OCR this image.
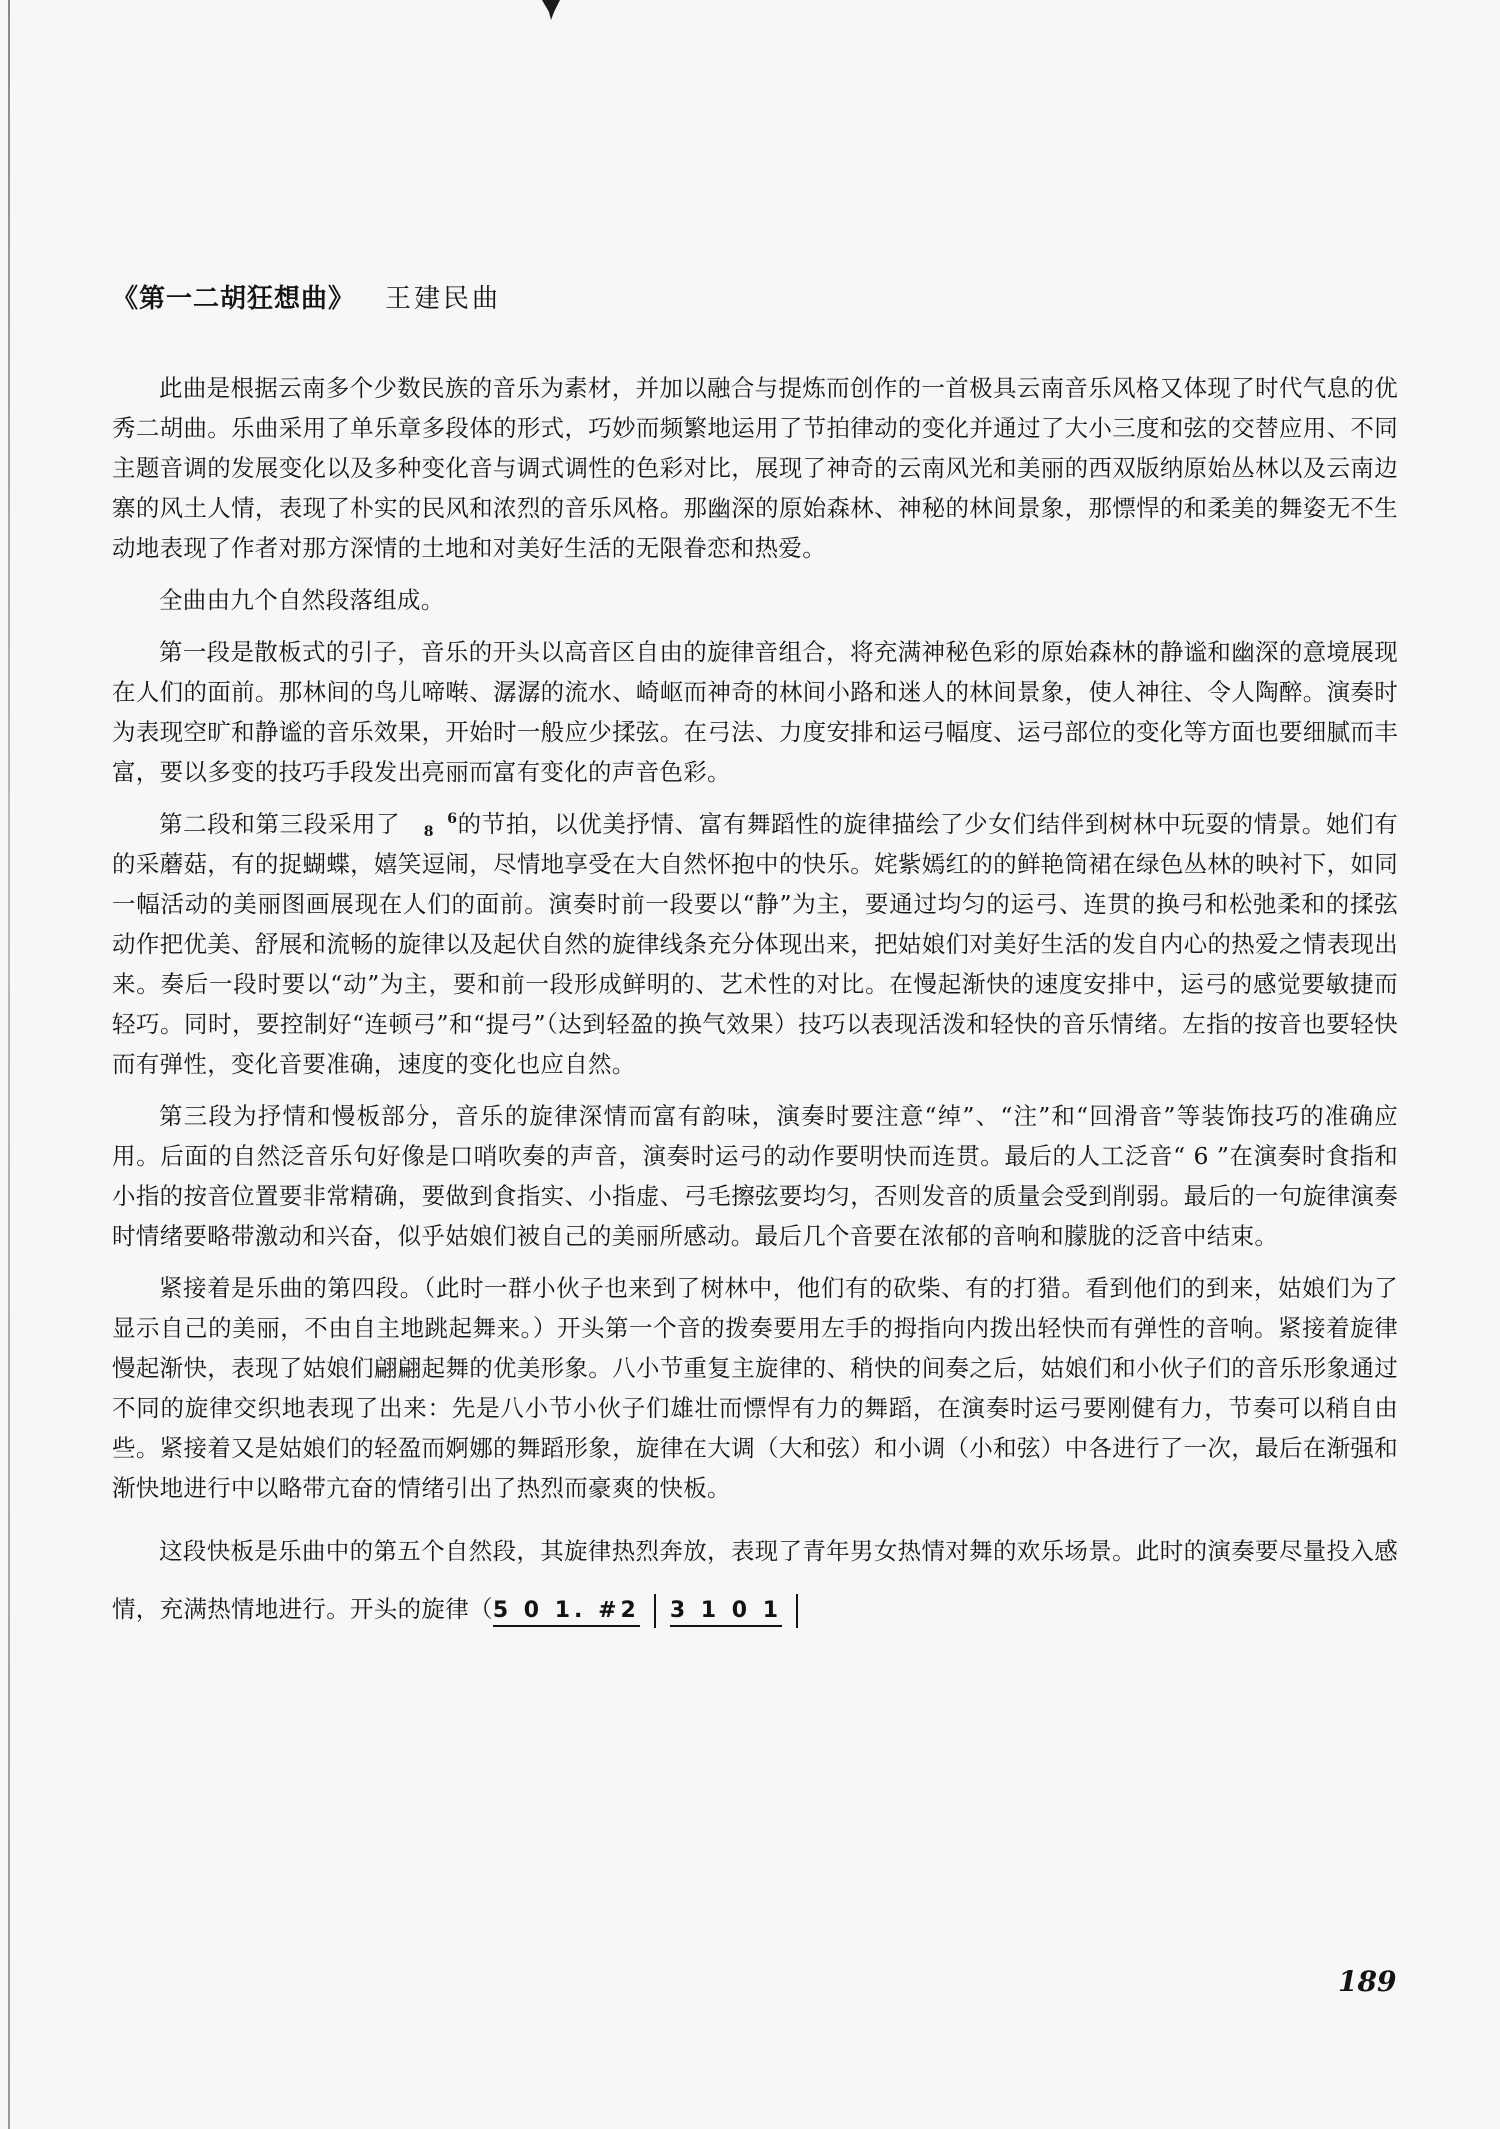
《第一二胡狂想曲》 王建民曲

此曲是根据云南多个少数民族的音乐为素材，并加以融合与提炼而创作的一首极具云南音乐风格又体现了时代气息的优秀二胡曲。乐曲采用了单乐章多段体的形式，巧妙而频繁地运用了节拍律动的变化并通过了大小三度和弦的交替应用、不同主题音调的发展变化以及多种变化音与调式调性的色彩对比，展现了神奇的云南风光和美丽的西双版纳原始丛林以及云南边寨的风土人情，表现了朴实的民风和浓烈的音乐风格。那幽深的原始森林、神秘的林间景象，那慓悍的和柔美的舞姿无不生动地表现了作者对那方深情的土地和对美好生活的无限眷恋和热爱。

全曲由九个自然段落组成。

第一段是散板式的引子，音乐的开头以高音区自由的旋律音组合，将充满神秘色彩的原始森林的静谧和幽深的意境展现在人们的面前。那林间的鸟儿啼啭、潺潺的流水、崎岖而神奇的林间小路和迷人的林间景象，使人神往、令人陶醉。演奏时为表现空旷和静谧的音乐效果，开始时一般应少揉弦。在弓法、力度安排和运弓幅度、运弓部位的变化等方面也要细腻而丰富，要以多变的技巧手段发出亮丽而富有变化的声音色彩。

第二段和第三段采用了	6
8 的节拍，以优美抒情、富有舞蹈性的旋律描绘了少女们结伴到树林中玩耍的情景。她们有的采蘑菇，有的捉蝴蝶，嬉笑逗闹，尽情地享受在大自然怀抱中的快乐。姹紫嫣红的的鲜艳筒裙在绿色丛林的映衬下，如同一幅活动的美丽图画展现在人们的面前。演奏时前一段要以“静”为主，要通过均匀的运弓、连贯的换弓和松弛柔和的揉弦动作把优美、舒展和流畅的旋律以及起伏自然的旋律线条充分体现出来，把姑娘们对美好生活的发自内心的热爱之情表现出来。奏后一段时要以“动”为主，要和前一段形成鲜明的、艺术性的对比。在慢起渐快的速度安排中，运弓的感觉要敏捷而轻巧。同时，要控制好“连顿弓”和“提弓”（达到轻盈的换气效果）技巧以表现活泼和轻快的音乐情绪。左指的按音也要轻快而有弹性，变化音要准确，速度的变化也应自然。

第三段为抒情和慢板部分，音乐的旋律深情而富有韵味，演奏时要注意“绰”、“注”和“回滑音”等装饰技巧的准确应用。后面的自然泛音乐句好像是口哨吹奏的声音，演奏时运弓的动作要明快而连贯。最后的人工泛音“ 6 ”在演奏时食指和小指的按音位置要非常精确，要做到食指实、小指虚、弓毛擦弦要均匀，否则发音的质量会受到削弱。最后的一句旋律演奏时情绪要略带激动和兴奋，似乎姑娘们被自己的美丽所感动。最后几个音要在浓郁的音响和朦胧的泛音中结束。

紧接着是乐曲的第四段。（此时一群小伙子也来到了树林中，他们有的砍柴、有的打猎。看到他们的到来，姑娘们为了显示自己的美丽，不由自主地跳起舞来。）开头第一个音的拨奏要用左手的拇指向内拨出轻快而有弹性的音响。紧接着旋律慢起渐快，表现了姑娘们翩翩起舞的优美形象。八小节重复主旋律的、稍快的间奏之后，姑娘们和小伙子们的音乐形象通过不同的旋律交织地表现了出来：先是八小节小伙子们雄壮而慓悍有力的舞蹈，在演奏时运弓要刚健有力，节奏可以稍自由些。紧接着又是姑娘们的轻盈而婀娜的舞蹈形象，旋律在大调（大和弦）和小调（小和弦）中各进行了一次，最后在渐强和渐快地进行中以略带亢奋的情绪引出了热烈而豪爽的快板。

这段快板是乐曲中的第五个自然段，其旋律热烈奔放，表现了青年男女热情对舞的欢乐场景。此时的演奏要尽量投入感情，充满热情地进行。开头的旋律（5 0 1. #2 3 1 0 1

189
